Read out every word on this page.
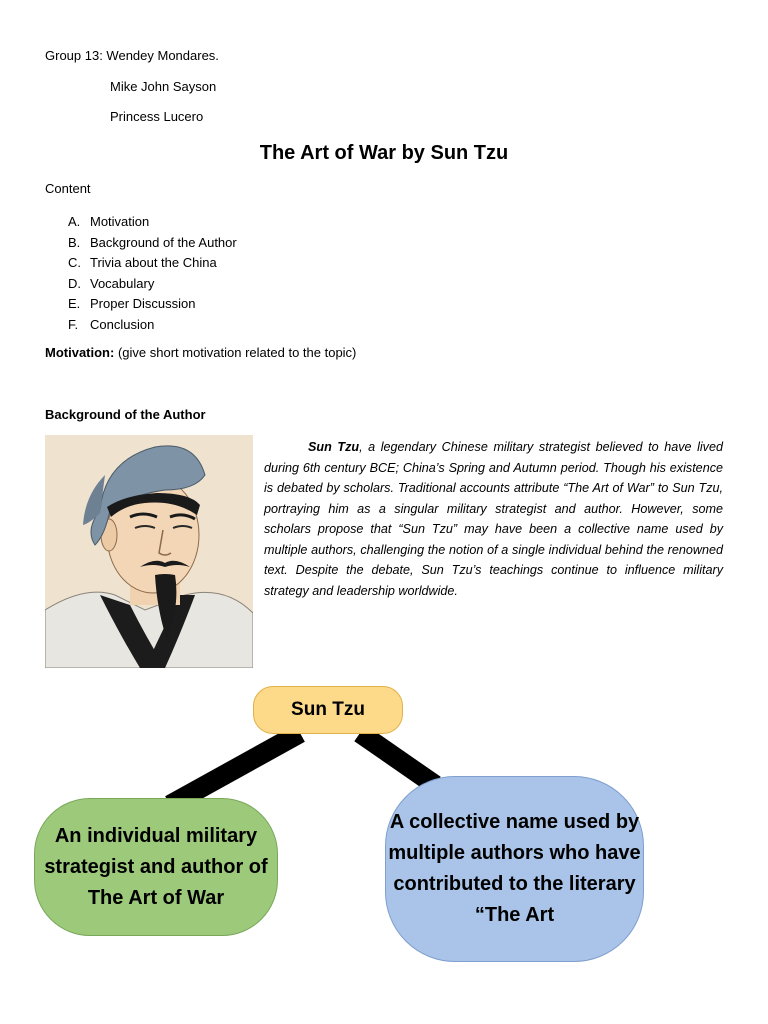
Group 13: Wendey Mondares.
Mike John Sayson
Princess Lucero
The Art of War by Sun Tzu
Content
A. Motivation
B. Background of the Author
C. Trivia about the China
D. Vocabulary
E. Proper Discussion
F. Conclusion
Motivation: (give short motivation related to the topic)
Background of the Author
Sun Tzu, a legendary Chinese military strategist believed to have lived during 6th century BCE; China’s Spring and Autumn period. Though his existence is debated by scholars. Traditional accounts attribute “The Art of War” to Sun Tzu, portraying him as a singular military strategist and author. However, some scholars propose that “Sun Tzu” may have been a collective name used by multiple authors, challenging the notion of a single individual behind the renowned text. Despite the debate, Sun Tzu’s teachings continue to influence military strategy and leadership worldwide.
Sun Tzu
An individual military strategist and author of The Art of War
A collective name used by multiple authors who have contributed to the literary “The Art
